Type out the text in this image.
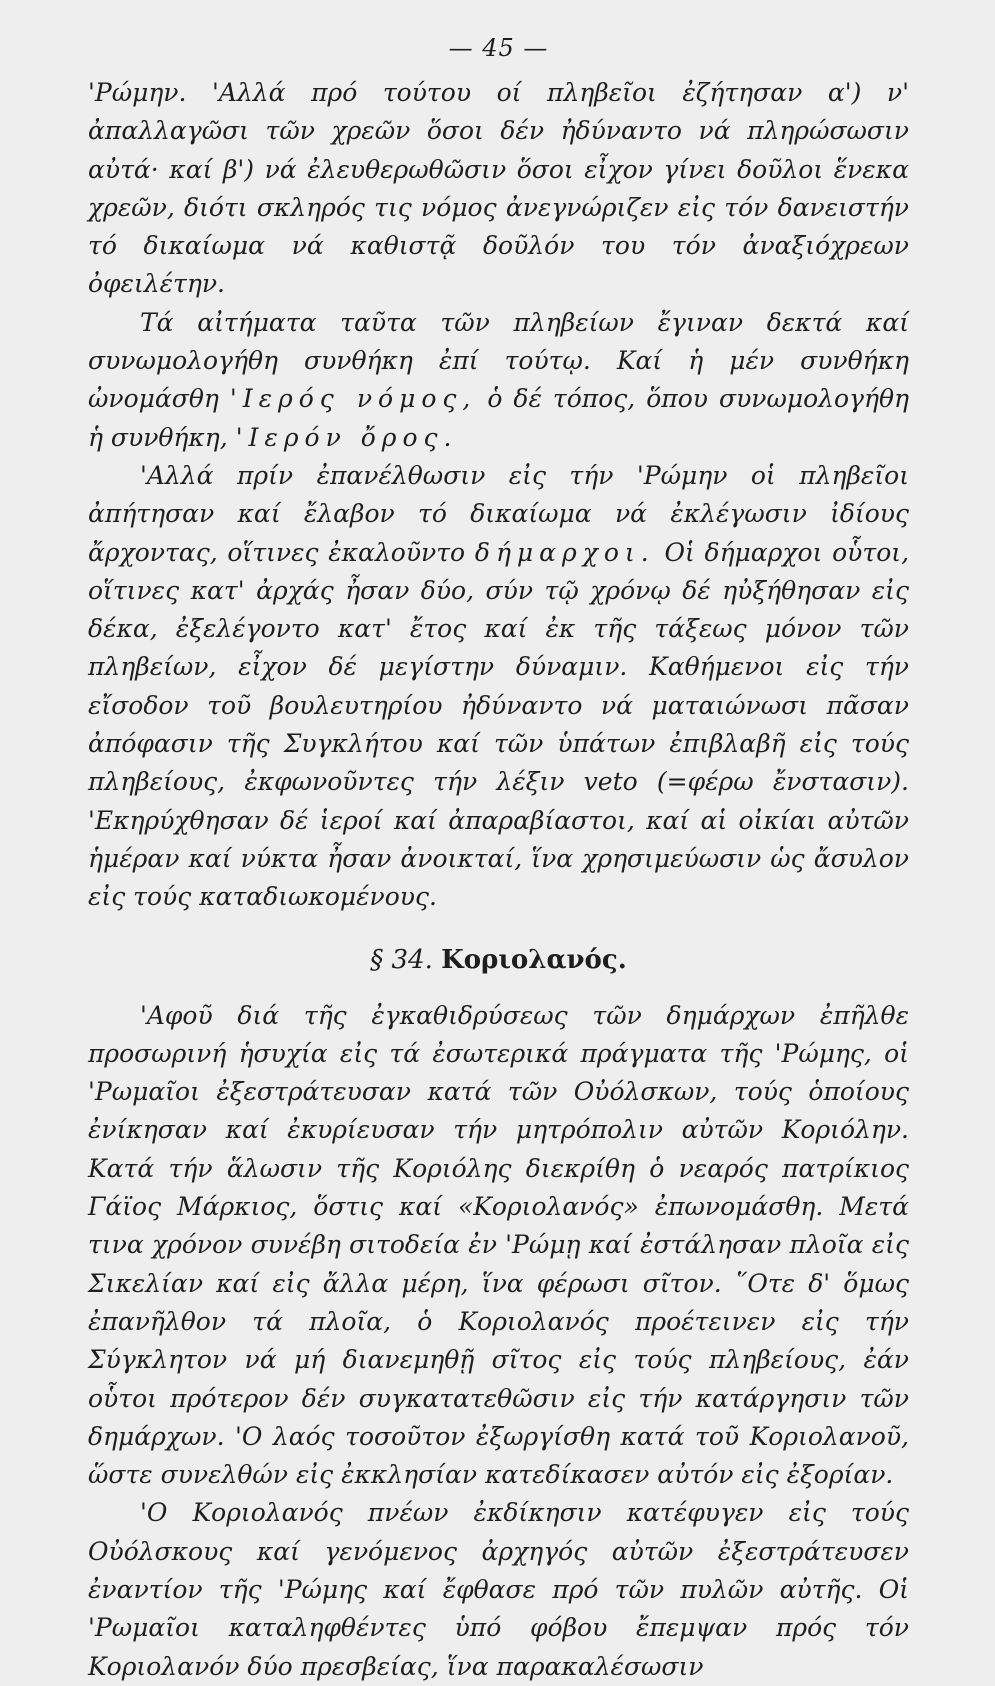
— 45 —

'Ρώμην. 'Αλλά πρό τούτου οί πληβεῖοι ἐζήτησαν α') ν' ἀπαλλαγῶσι τῶν χρεῶν ὅσοι δέν ἠδύναντο νά πληρώσωσιν αὐτά· καί β') νά ἐλευθερωθῶσιν ὅσοι εἶχον γίνει δοῦλοι ἕνεκα χρεῶν, διότι σκληρός τις νόμος ἀνεγνώριζεν εἰς τόν δανειστήν τό δικαίωμα νά καθιστᾷ δοῦλόν του τόν ἀναξιόχρεων ὀφειλέτην.

Τά αἰτήματα ταῦτα τῶν πληβείων ἔγιναν δεκτά καί συνωμολογήθη συνθήκη ἐπί τούτῳ. Καί ἡ μέν συνθήκη ὠνομάσθη 'Ιερός νόμος, ὁ δέ τόπος, ὅπου συνωμολογήθη ἡ συνθήκη, 'Ιερόν ὄρος.

'Αλλά πρίν ἐπανέλθωσιν εἰς τήν 'Ρώμην οἱ πληβεῖοι ἀπήτησαν καί ἔλαβον τό δικαίωμα νά ἐκλέγωσιν ἰδίους ἄρχοντας, οἵτινες ἐκαλοῦντο δήμαρχοι. Οἱ δήμαρχοι οὗτοι, οἵτινες κατ' ἀρχάς ἦσαν δύο, σύν τῷ χρόνῳ δέ ηὐξήθησαν εἰς δέκα, ἐξελέγοντο κατ' ἔτος καί ἐκ τῆς τάξεως μόνον τῶν πληβείων, εἶχον δέ μεγίστην δύναμιν. Καθήμενοι εἰς τήν εἴσοδον τοῦ βουλευτηρίου ἠδύναντο νά ματαιώνωσι πᾶσαν ἀπόφασιν τῆς Συγκλήτου καί τῶν ὑπάτων ἐπιβλαβῆ εἰς τούς πληβείους, ἐκφωνοῦντες τήν λέξιν veto (=φέρω ἔνστασιν). 'Εκηρύχθησαν δέ ἱεροί καί ἀπαραβίαστοι, καί αἱ οἰκίαι αὐτῶν ἡμέραν καί νύκτα ἦσαν ἀνοικταί, ἵνα χρησιμεύωσιν ὡς ἄσυλον εἰς τούς καταδιωκομένους.

§ 34. Κοριολανός.

'Αφοῦ διά τῆς ἐγκαθιδρύσεως τῶν δημάρχων ἐπῆλθε προσωρινή ἡσυχία εἰς τά ἐσωτερικά πράγματα τῆς 'Ρώμης, οἱ 'Ρωμαῖοι ἐξεστράτευσαν κατά τῶν Οὐόλσκων, τούς ὁποίους ἐνίκησαν καί ἐκυρίευσαν τήν μητρόπολιν αὐτῶν Κοριόλην. Κατά τήν ἅλωσιν τῆς Κοριόλης διεκρίθη ὁ νεαρός πατρίκιος Γάϊος Μάρκιος, ὅστις καί «Κοριολανός» ἐπωνομάσθη. Μετά τινα χρόνον συνέβη σιτοδεία ἐν 'Ρώμῃ καί ἐστάλησαν πλοῖα εἰς Σικελίαν καί εἰς ἄλλα μέρη, ἵνα φέρωσι σῖτον. ῞Οτε δ' ὅμως ἐπανῆλθον τά πλοῖα, ὁ Κοριολανός προέτεινεν εἰς τήν Σύγκλητον νά μή διανεμηθῇ σῖτος εἰς τούς πληβείους, ἐάν οὗτοι πρότερον δέν συγκατατεθῶσιν εἰς τήν κατάργησιν τῶν δημάρχων. 'Ο λαός τοσοῦτον ἐξωργίσθη κατά τοῦ Κοριολανοῦ, ὥστε συνελθών εἰς ἐκκλησίαν κατεδίκασεν αὐτόν εἰς ἐξορίαν.

'Ο Κοριολανός πνέων ἐκδίκησιν κατέφυγεν εἰς τούς Οὐόλσκους καί γενόμενος ἀρχηγός αὐτῶν ἐξεστράτευσεν ἐναντίον τῆς 'Ρώμης καί ἔφθασε πρό τῶν πυλῶν αὐτῆς. Οἱ 'Ρωμαῖοι καταληφθέντες ὑπό φόβου ἔπεμψαν πρός τόν Κοριολανόν δύο πρεσβείας, ἵνα παρακαλέσωσιν
